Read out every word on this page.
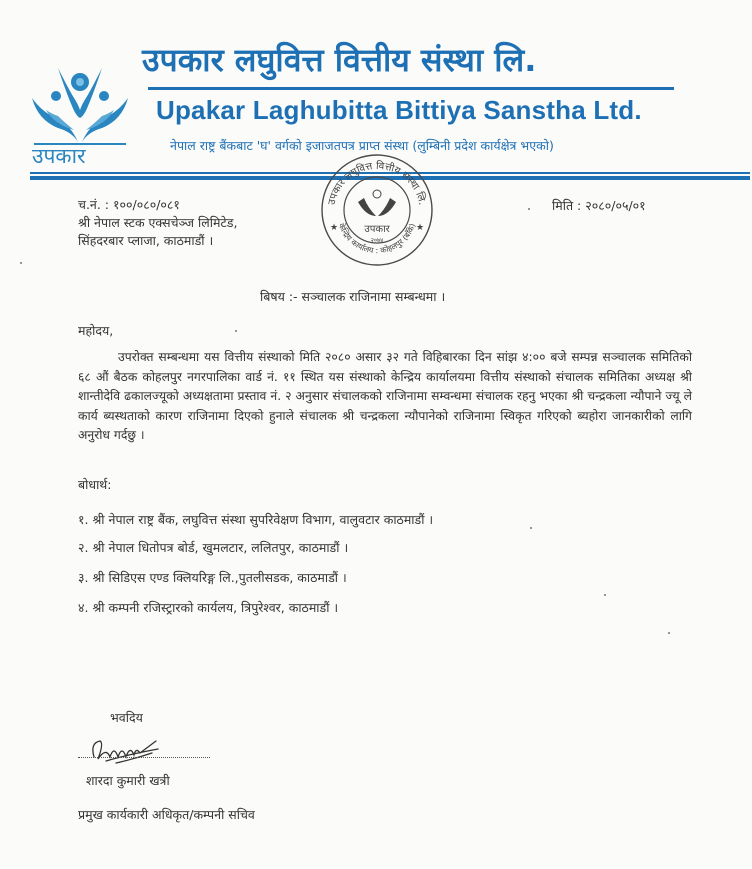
उपकार
उपकार लघुवित्त वित्तीय संस्था लि.
Upakar Laghubitta Bittiya Sanstha Ltd.
नेपाल राष्ट्र बैंकबाट 'घ' वर्गको इजाजतपत्र प्राप्त संस्था (लुम्बिनी प्रदेश कार्यक्षेत्र भएको)
उपकार लघुवित्त वित्तीय संस्था लि.
केन्द्रिय कार्यालय : कोहलपुर (बाँके)
★	★
उपकार
२०७४
च.नं. : १००/०८०/०८१
श्री नेपाल स्टक एक्सचेञ्ज लिमिटेड,
सिंहदरबार प्लाजा, काठमाडौं ।
मिति : २०८०/०५/०१
बिषय :- सञ्चालक राजिनामा सम्बन्धमा ।
महोदय,
उपरोक्त सम्बन्धमा यस वित्तीय संस्थाको मिति २०८० असार ३२ गते विहिबारका दिन सांझ ४:०० बजे सम्पन्न सञ्चालक समितिको ६८ औं बैठक कोहलपुर नगरपालिका वार्ड नं. ११ स्थित यस संस्थाको केन्द्रिय कार्यालयमा वित्तीय संस्थाको संचालक समितिका अध्यक्ष श्री शान्तीदेवि ढकालज्यूको अध्यक्षतामा प्रस्ताव नं. २ अनुसार संचालकको राजिनामा सम्वन्धमा संचालक रहनु भएका श्री चन्द्रकला न्यौपाने ज्यू ले कार्य ब्यस्थताको कारण राजिनामा दिएको हुनाले संचालक श्री चन्द्रकला न्यौपानेको राजिनामा स्विकृत गरिएको ब्यहोरा जानकारीको लागि अनुरोध गर्दछु ।
बोधार्थ:
१. श्री नेपाल राष्ट्र बैंक, लघुवित्त संस्था सुपरिवेक्षण विभाग, वालुवटार काठमाडौं ।
२. श्री नेपाल धितोपत्र बोर्ड, खुमलटार, ललितपुर, काठमाडौं ।
३. श्री सिडिएस एण्ड क्लियरिङ्ग लि.,पुतलीसडक, काठमाडौं ।
४. श्री कम्पनी रजिस्ट्रारको कार्यलय, त्रिपुरेश्वर, काठमाडौं ।
भवदिय
शारदा कुमारी खत्री
प्रमुख कार्यकारी अधिकृत/कम्पनी सचिव
